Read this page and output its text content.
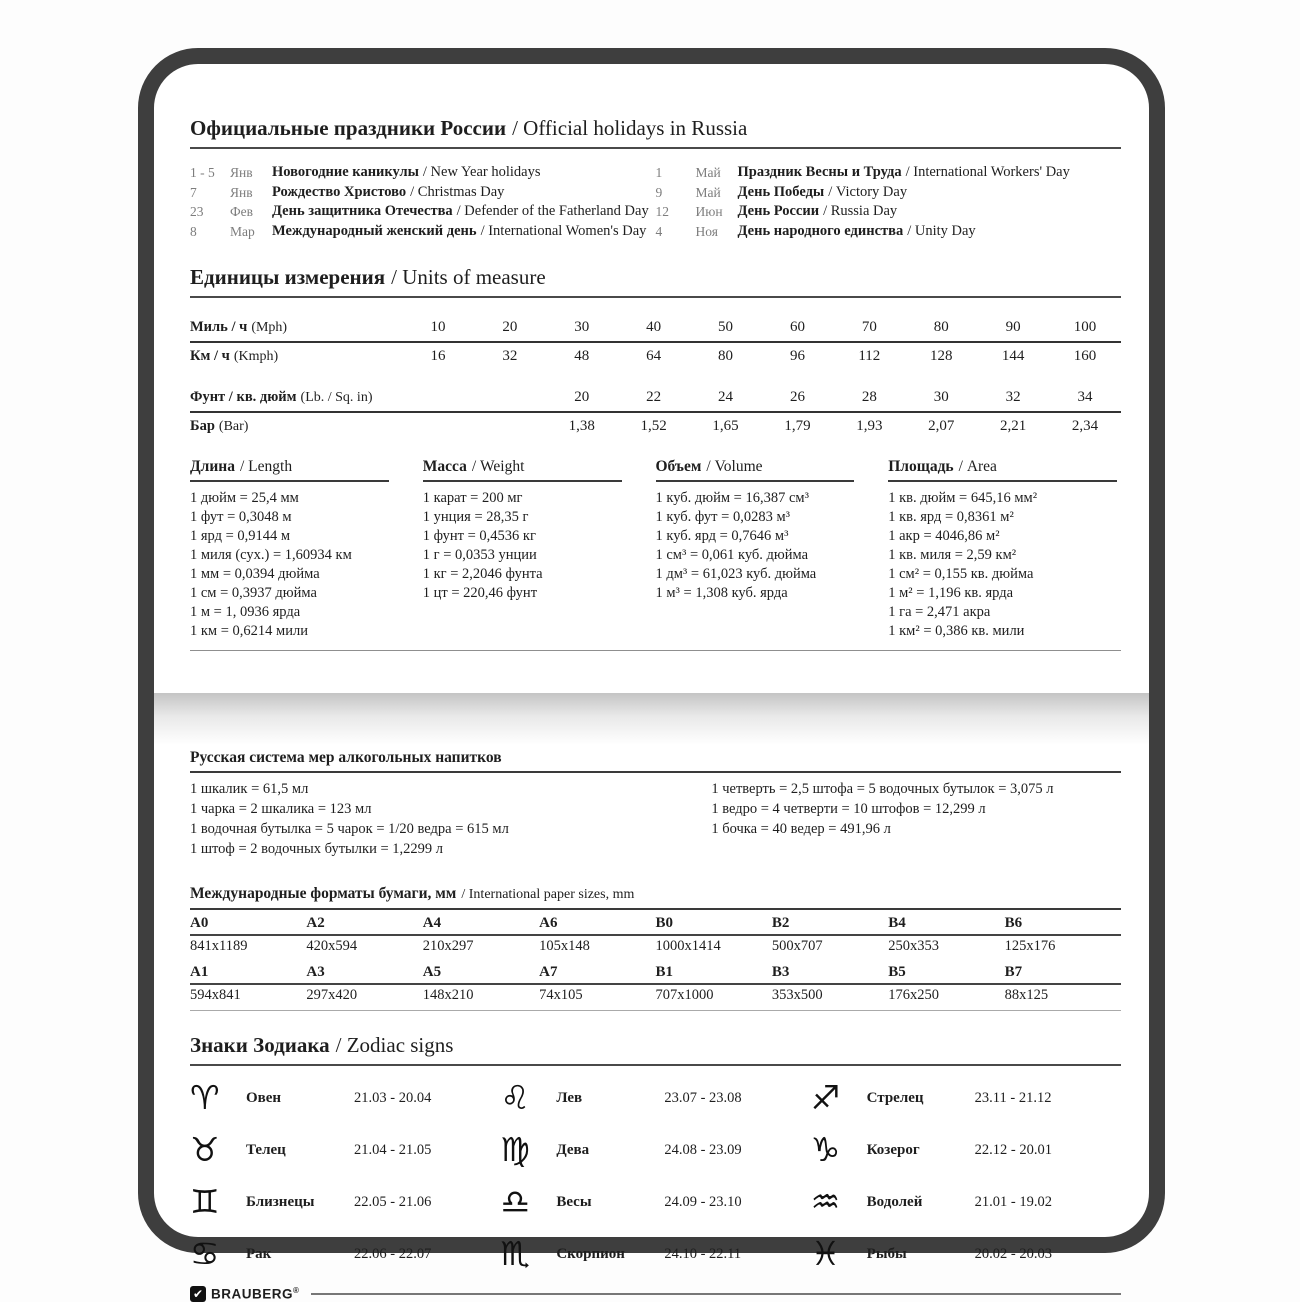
Официальные праздники России / Official holidays in Russia
1 - 5	Янв	Новогодние каникулы / New Year holidays
7	Янв	Рождество Христово / Christmas Day
23	Фев	День защитника Отечества / Defender of the Fatherland Day
8	Мар	Международный женский день / International Women's Day
1	Май	Праздник Весны и Труда / International Workers' Day
9	Май	День Победы / Victory Day
12	Июн	День России / Russia Day
4	Ноя	День народного единства / Unity Day
Единицы измерения / Units of measure
Миль / ч (Mph)	10	20	30	40	50	60	70	80	90	100
Км / ч (Kmph)	16	32	48	64	80	96	112	128	144	160
Фунт / кв. дюйм (Lb. / Sq. in)	20	22	24	26	28	30	32	34
Бар (Bar)	1,38	1,52	1,65	1,79	1,93	2,07	2,21	2,34
Длина / Length
1 дюйм = 25,4 мм
1 фут = 0,3048 м
1 ярд = 0,9144 м
1 миля (сух.) = 1,60934 км
1 мм = 0,0394 дюйма
1 см = 0,3937 дюйма
1 м = 1, 0936 ярда
1 км = 0,6214 мили
Масса / Weight
1 карат = 200 мг
1 унция = 28,35 г
1 фунт = 0,4536 кг
1 г = 0,0353 унции
1 кг = 2,2046 фунта
1 цт = 220,46 фунт
Объем / Volume
1 куб. дюйм = 16,387 см³
1 куб. фут = 0,0283 м³
1 куб. ярд = 0,7646 м³
1 см³ = 0,061 куб. дюйма
1 дм³ = 61,023 куб. дюйма
1 м³ = 1,308 куб. ярда
Площадь / Area
1 кв. дюйм = 645,16 мм²
1 кв. ярд = 0,8361 м²
1 акр = 4046,86 м²
1 кв. миля = 2,59 км²
1 см² = 0,155 кв. дюйма
1 м² = 1,196 кв. ярда
1 га = 2,471 акра
1 км² = 0,386 кв. мили
Русская система мер алкогольных напитков
1 шкалик = 61,5 мл
1 чарка = 2 шкалика = 123 мл
1 водочная бутылка = 5 чарок = 1/20 ведра = 615 мл
1 штоф = 2 водочных бутылки = 1,2299 л
1 четверть = 2,5 штофа = 5 водочных бутылок = 3,075 л
1 ведро = 4 четверти = 10 штофов = 12,299 л
1 бочка = 40 ведер = 491,96 л
Международные форматы бумаги, мм / International paper sizes, mm
A0	A2	A4	A6	B0	B2	B4	B6
841x1189	420x594	210x297	105x148	1000x1414	500x707	250x353	125x176
A1	A3	A5	A7	B1	B3	B5	B7
594x841	297x420	148x210	74x105	707x1000	353x500	176x250	88x125
Знаки Зодиака / Zodiac signs
♈	Овен	21.03 - 20.04	♌	Лев	23.07 - 23.08	♐	Стрелец	23.11 - 21.12
♉	Телец	21.04 - 21.05	♍	Дева	24.08 - 23.09	♑	Козерог	22.12 - 20.01
♊	Близнецы	22.05 - 21.06	♎	Весы	24.09 - 23.10	♒	Водолей	21.01 - 19.02
♋	Рак	22.06 - 22.07	♏	Скорпион	24.10 - 22.11	♓	Рыбы	20.02 - 20.03
✔ BRAUBERG®
